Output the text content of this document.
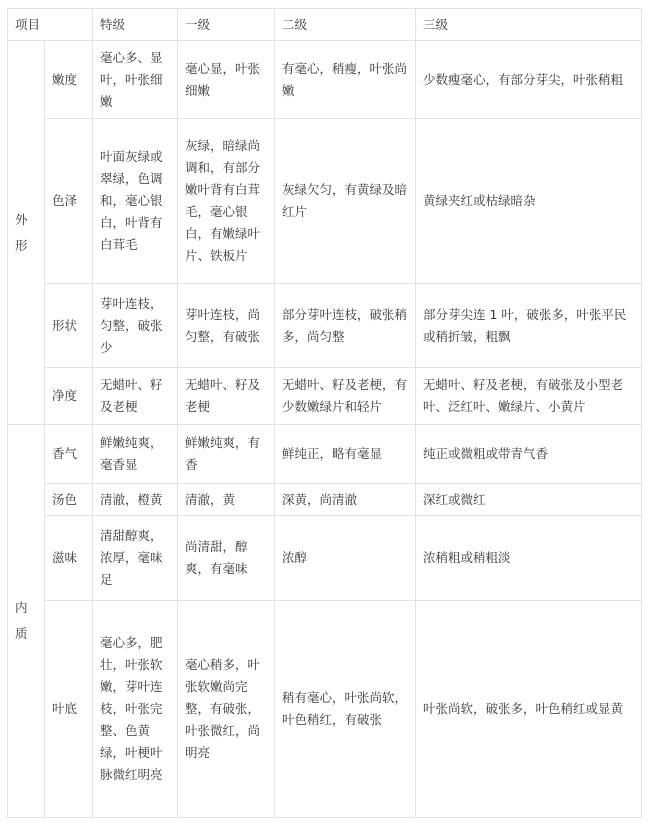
项目		特级	一级	二级	三级
外形	嫩度	毫心多、显叶，叶张细嫩	毫心显，叶张细嫩	有毫心，稍瘦，叶张尚嫩	少数瘦毫心，有部分芽尖，叶张稍粗
	色泽	叶面灰绿或翠绿，色调和，毫心银白，叶背有白茸毛	灰绿，暗绿尚调和，有部分嫩叶背有白茸毛，毫心银白，有嫩绿叶片、铁板片	灰绿欠匀，有黄绿及暗红片	黄绿夹红或枯绿暗杂
	形状	芽叶连枝，匀整，破张少	芽叶连枝，尚匀整，有破张	部分芽叶连枝，破张稍多，尚匀整	部分芽尖连 1 叶，破张多，叶张平民或稍折皱，粗飘
	净度	无蜡叶、籽及老梗	无蜡叶、籽及老梗	无蜡叶、籽及老梗，有少数嫩绿片和轻片	无蜡叶、籽及老梗，有破张及小型老叶、泛红叶、嫩绿片、小黄片
内质	香气	鲜嫩纯爽，毫香显	鲜嫩纯爽，有香	鲜纯正，略有毫显	纯正或微粗或带青气香
	汤色	清澈，橙黄	清澈，黄	深黄，尚清澈	深红或微红
	滋味	清甜醇爽，浓厚，毫味足	尚清甜，醇爽，有毫味	浓醇	浓稍粗或稍粗淡
	叶底	毫心多，肥壮，叶张软嫩，芽叶连枝，叶张完整、色黄绿，叶梗叶脉微红明亮	毫心稍多，叶张软嫩尚完整，有破张，叶张微红，尚明亮	稍有毫心，叶张尚软，叶色稍红，有破张	叶张尚软，破张多，叶色稍红或显黄
